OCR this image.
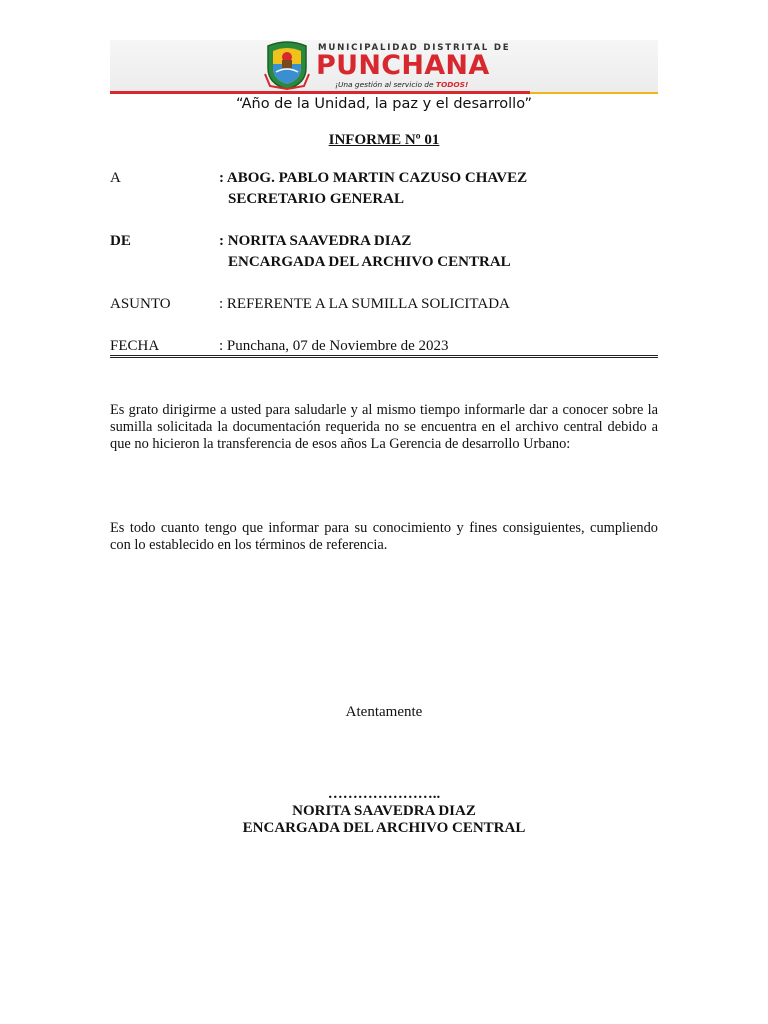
MUNICIPALIDAD DISTRITAL DE
PUNCHANA
¡Una gestión al servicio de TODOS!
“Año de la Unidad, la paz y el desarrollo”
INFORME Nº 01
A	: ABOG. PABLO MARTIN CAZUSO CHAVEZ
SECRETARIO GENERAL
DE	: NORITA SAAVEDRA DIAZ
ENCARGADA DEL ARCHIVO CENTRAL
ASUNTO	: REFERENTE A LA SUMILLA SOLICITADA
FECHA	: Punchana, 07 de Noviembre de 2023
Es grato dirigirme a usted para saludarle y al mismo tiempo informarle dar a conocer sobre la sumilla solicitada la documentación requerida no se encuentra en el archivo central debido a que no hicieron la transferencia de esos años La Gerencia de desarrollo Urbano:
Es todo cuanto tengo que informar para su conocimiento y fines consiguientes, cumpliendo con lo establecido en los términos de referencia.
Atentamente
…………………..
NORITA SAAVEDRA DIAZ
ENCARGADA DEL ARCHIVO CENTRAL
